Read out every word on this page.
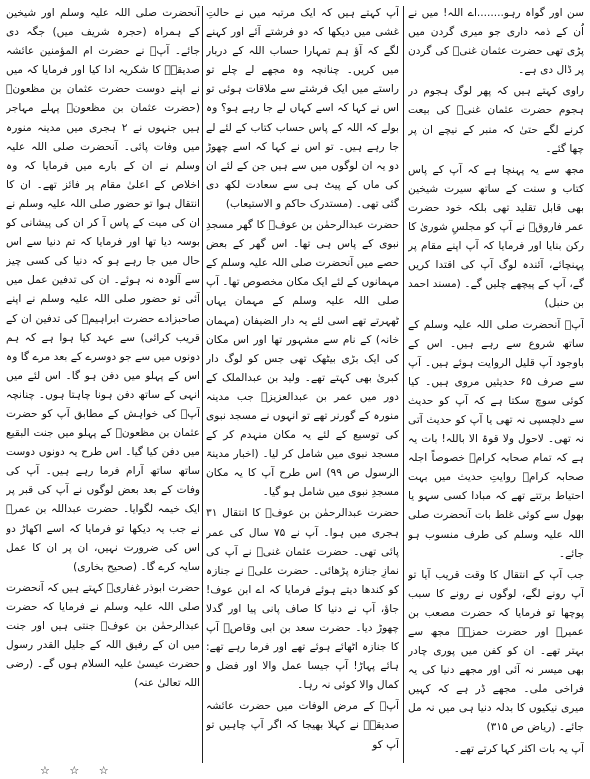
سن اور گواہ رہو........اے اللہ! میں نے اُن کے ذمہ داری جو میری گردن میں پڑی تھی حضرت عثمان غنیؓ کی گردن پر ڈال دی ہے۔

راوی کہتے ہیں کہ پھر لوگ ہجوم در ہجوم حضرت عثمان غنیؓ کی بیعت کرنے لگے حتیٰ کہ منبر کے نیچے ان پر چھا گئے۔

مجھ سے یہ پہنچا ہے کہ آپ کے پاس کتاب و سنت کے ساتھ سیرت شیخین بھی قابل تقلید تھی بلکہ خود حضرت عمر فاروقؓ نے آپ کو مجلسِ شوریٰ کا رکن بنایا اور فرمایا کہ آپ اپنے مقام پر پہنچائے، آئندہ لوگ آپ کی اقتدا کریں گے، آپ کے پیچھے چلیں گے۔ (مسند احمد بن حنبل)

آپؓ آنحضرت صلی اللہ علیہ وسلم کے ساتھ شروع سے رہے ہیں۔ اس کے باوجود آپ قلیل الروایت ہوئے ہیں۔ آپ سے صرف ۶۵ حدیثیں مروی ہیں۔ کیا کوئی سوچ سکتا ہے کہ آپ کو حدیث سے دلچسپی نہ تھی یا آپ کو حدیث آتی نہ تھی۔ لاحول ولا قوۃ الا باللہ! بات یہ ہے کہ تمام صحابہ کرامؓ خصوصاً اجلہ صحابہ کرامؓ روایتِ حدیث میں بہت احتیاط برتتے تھے کہ مبادا کسی سہو یا بھول سے کوئی غلط بات آنحضرت صلی اللہ علیہ وسلم کی طرف منسوب ہو جائے۔

جب آپ کے انتقال کا وقت قریب آیا تو آپ رونے لگے، لوگوں نے رونے کا سبب پوچھا تو فرمایا کہ حضرت مصعب بن عمیرؓ اور حضرت حمزہؓ مجھ سے بہتر تھے۔ ان کو کفن میں پوری چادر بھی میسر نہ آئی اور مجھے دنیا کی یہ فراخی ملی۔ مجھے ڈر ہے کہ کہیں میری نیکیوں کا بدلہ دنیا ہی میں نہ مل جائے۔ (ریاض ص ۳۱۵)

آپ یہ بات اکثر کہا کرتے تھے۔

آپ کہتے ہیں کہ ایک مرتبہ میں نے حالتِ غشی میں دیکھا کہ دو فرشتے آئے اور کہنے لگے کہ آؤ ہم تمہارا حساب اللہ کے دربار میں کریں۔ چنانچہ وہ مجھے لے چلے تو راستے میں ایک فرشتے سے ملاقات ہوئی تو اس نے کہا کہ اسے کہاں لے جا رہے ہو؟ وہ بولے کہ اللہ کے پاس حساب کتاب کے لئے لے جا رہے ہیں۔ تو اس نے کہا کہ اسے چھوڑ دو یہ ان لوگوں میں سے ہیں جن کے لئے ان کی ماں کے پیٹ ہی سے سعادت لکھ دی گئی تھی۔ (مستدرک حاکم و الاستیعاب)

حضرت عبدالرحمٰن بن عوفؓ کا گھر مسجدِ نبوی کے پاس ہی تھا۔ اس گھر کے بعض حصے میں آنحضرت صلی اللہ علیہ وسلم کے مہمانوں کے لئے ایک مکان مخصوص تھا۔ آپ صلی اللہ علیہ وسلم کے مہمان یہاں ٹھہرتے تھے اسی لئے یہ دار الضیفان (مہمان خانہ) کے نام سے مشہور تھا اور اس مکان کی ایک بڑی بیٹھک تھی جس کو لوگ دار کبریٰ بھی کہتے تھے۔ ولید بن عبدالملک کے دور میں عمر بن عبدالعزیزؒ جب مدینہ منورہ کے گورنر تھے تو انہوں نے مسجد نبوی کی توسیع کے لئے یہ مکان منہدم کر کے مسجد نبوی میں شامل کر لیا۔ (اخبار مدینۃ الرسول ص ۹۹) اس طرح آپ کا یہ مکان مسجدِ نبوی میں شامل ہو گیا۔

حضرت عبدالرحمٰن بن عوفؓ کا انتقال ۳۱ ہجری میں ہوا۔ آپ نے ۷۵ سال کی عمر پائی تھی۔ حضرت عثمان غنیؓ نے آپ کی نمازِ جنازہ پڑھائی۔ حضرت علیؓ نے جنازہ کو کندھا دیتے ہوئے فرمایا کہ اے ابن عوف! جاؤ، آپ نے دنیا کا صاف پانی پیا اور گدلا چھوڑ دیا۔ حضرت سعد بن ابی وقاصؓ آپ کا جنازہ اٹھائے ہوئے تھے اور فرما رہے تھے: ہائے پہاڑ! آپ جیسا عمل والا اور فضل و کمال والا کوئی نہ رہا۔

آپؓ کے مرض الوفات میں حضرت عائشہ صدیقہؓ نے کہلا بھیجا کہ اگر آپ چاہیں تو آپ کو

آنحضرت صلی اللہ علیہ وسلم اور شیخین کے ہمراہ (حجرہ شریف میں) جگہ دی جائے۔ آپؓ نے حضرت ام المؤمنین عائشہ صدیقہؓ کا شکریہ ادا کیا اور فرمایا کہ میں نے اپنے دوست حضرت عثمان بن مظعونؓ (حضرت عثمان بن مظعونؓ پہلے مہاجر ہیں جنہوں نے ۲ ہجری میں مدینہ منورہ میں وفات پائی۔ آنحضرت صلی اللہ علیہ وسلم نے ان کے بارے میں فرمایا کہ وہ اخلاص کے اعلیٰ مقام پر فائز تھے۔ ان کا انتقال ہوا تو حضور صلی اللہ علیہ وسلم نے ان کی میت کے پاس آ کر ان کی پیشانی کو بوسہ دیا تھا اور فرمایا کہ تم دنیا سے اس حال میں جا رہے ہو کہ دنیا کی کسی چیز سے آلودہ نہ ہوئے۔ ان کی تدفین عمل میں آئی تو حضور صلی اللہ علیہ وسلم نے اپنے صاحبزادے حضرت ابراہیمؓ کی تدفین ان کے قریب کرائی) سے عہد کیا ہوا ہے کہ ہم دونوں میں سے جو دوسرے کے بعد مرے گا وہ اس کے پہلو میں دفن ہو گا۔ اس لئے میں انہی کے ساتھ دفن ہونا چاہتا ہوں۔ چنانچہ آپؓ کی خواہش کے مطابق آپ کو حضرت عثمان بن مظعونؓ کے پہلو میں جنت البقیع میں دفن کیا گیا۔ اس طرح یہ دونوں دوست ساتھ ساتھ آرام فرما رہے ہیں۔ آپ کی وفات کے بعد بعض لوگوں نے آپ کی قبر پر ایک خیمہ لگوایا۔ حضرت عبداللہ بن عمرؓ نے جب یہ دیکھا تو فرمایا کہ اسے اکھاڑ دو اس کی ضرورت نہیں، ان پر ان کا عمل سایہ کرے گا۔ (صحیح بخاری)

حضرت ابوذر غفاریؓ کہتے ہیں کہ آنحضرت صلی اللہ علیہ وسلم نے فرمایا کہ حضرت عبدالرحمٰن بن عوفؓ جنتی ہیں اور جنت میں ان کے رفیق اللہ کے جلیل القدر رسول حضرت عیسیٰ علیہ السلام ہوں گے۔ (رضی اللہ تعالیٰ عنہ)

☆ ☆ ☆
